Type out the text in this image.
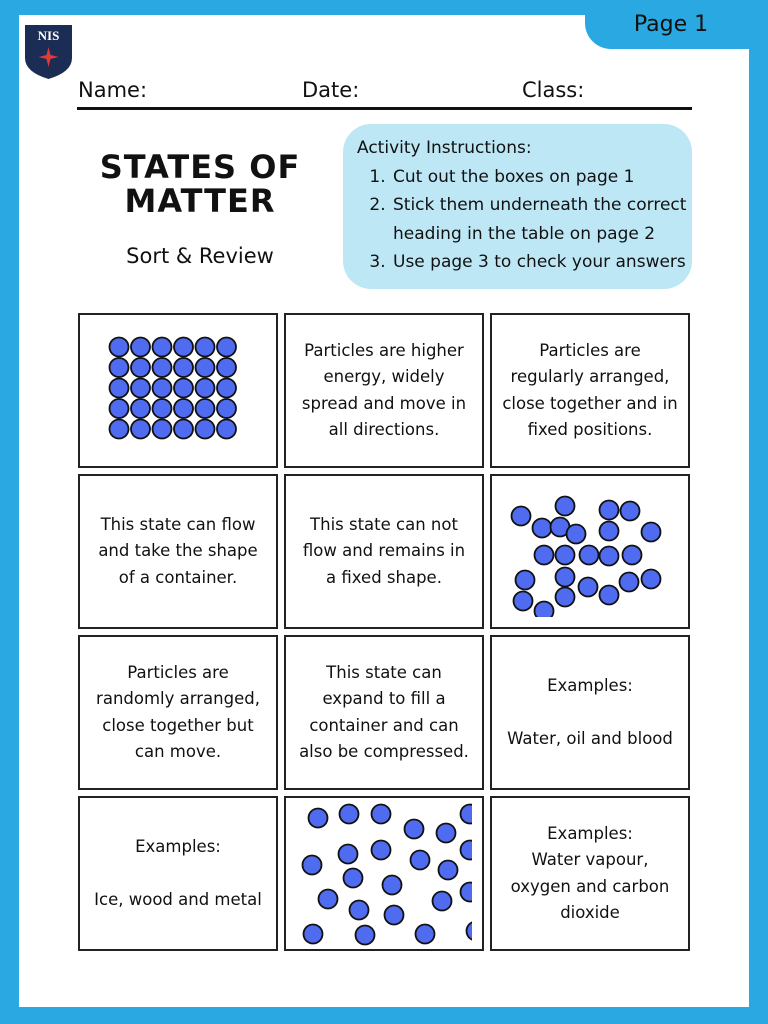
Page 1
NIS
Name:	Date:	Class:
STATES OF MATTER
Sort & Review
Activity Instructions:
1. Cut out the boxes on page 1
2. Stick them underneath the correct heading in the table on page 2
3. Use page 3 to check your answers
Particles are higher energy, widely spread and move in all directions.
Particles are regularly arranged, close together and in fixed positions.
This state can flow and take the shape of a container.
This state can not flow and remains in a fixed shape.
Particles are randomly arranged, close together but can move.
This state can expand to fill a container and can also be compressed.
Examples:

Water, oil and blood
Examples:

Ice, wood and metal
Examples:
Water vapour, oxygen and carbon dioxide
